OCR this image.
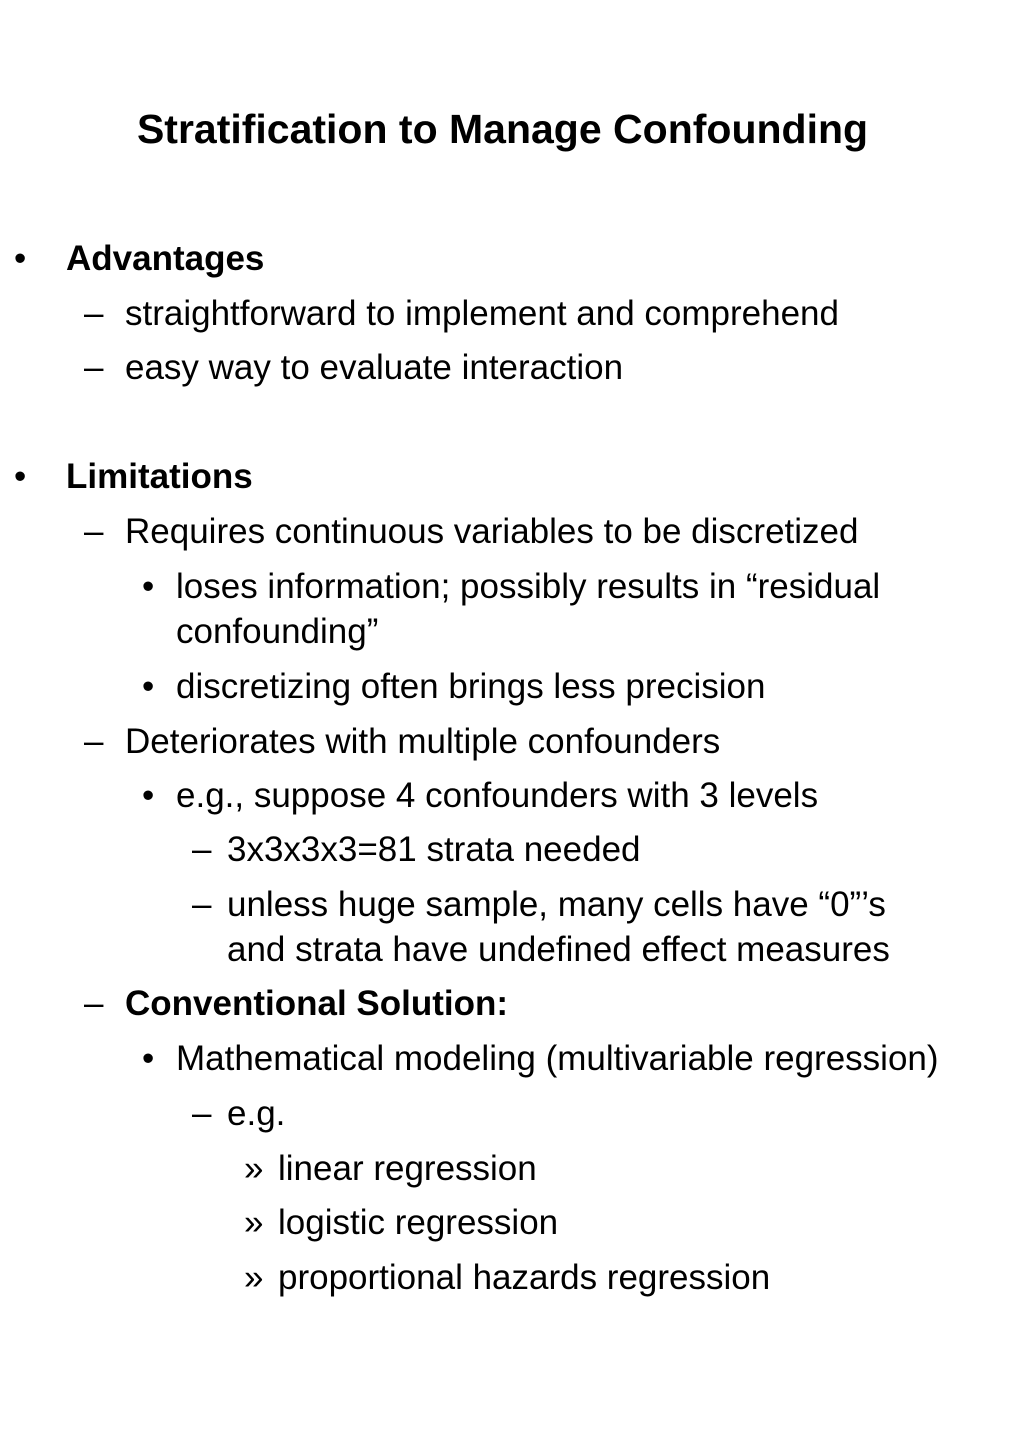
Stratification to Manage Confounding
• Advantages
– straightforward to implement and comprehend
– easy way to evaluate interaction
• Limitations
– Requires continuous variables to be discretized
• loses information; possibly results in “residual
confounding”
• discretizing often brings less precision
– Deteriorates with multiple confounders
• e.g., suppose 4 confounders with 3 levels
– 3x3x3x3=81 strata needed
– unless huge sample, many cells have “0”’s
and strata have undefined effect measures
– Conventional Solution:
• Mathematical modeling (multivariable regression)
– e.g.
» linear regression
» logistic regression
» proportional hazards regression
